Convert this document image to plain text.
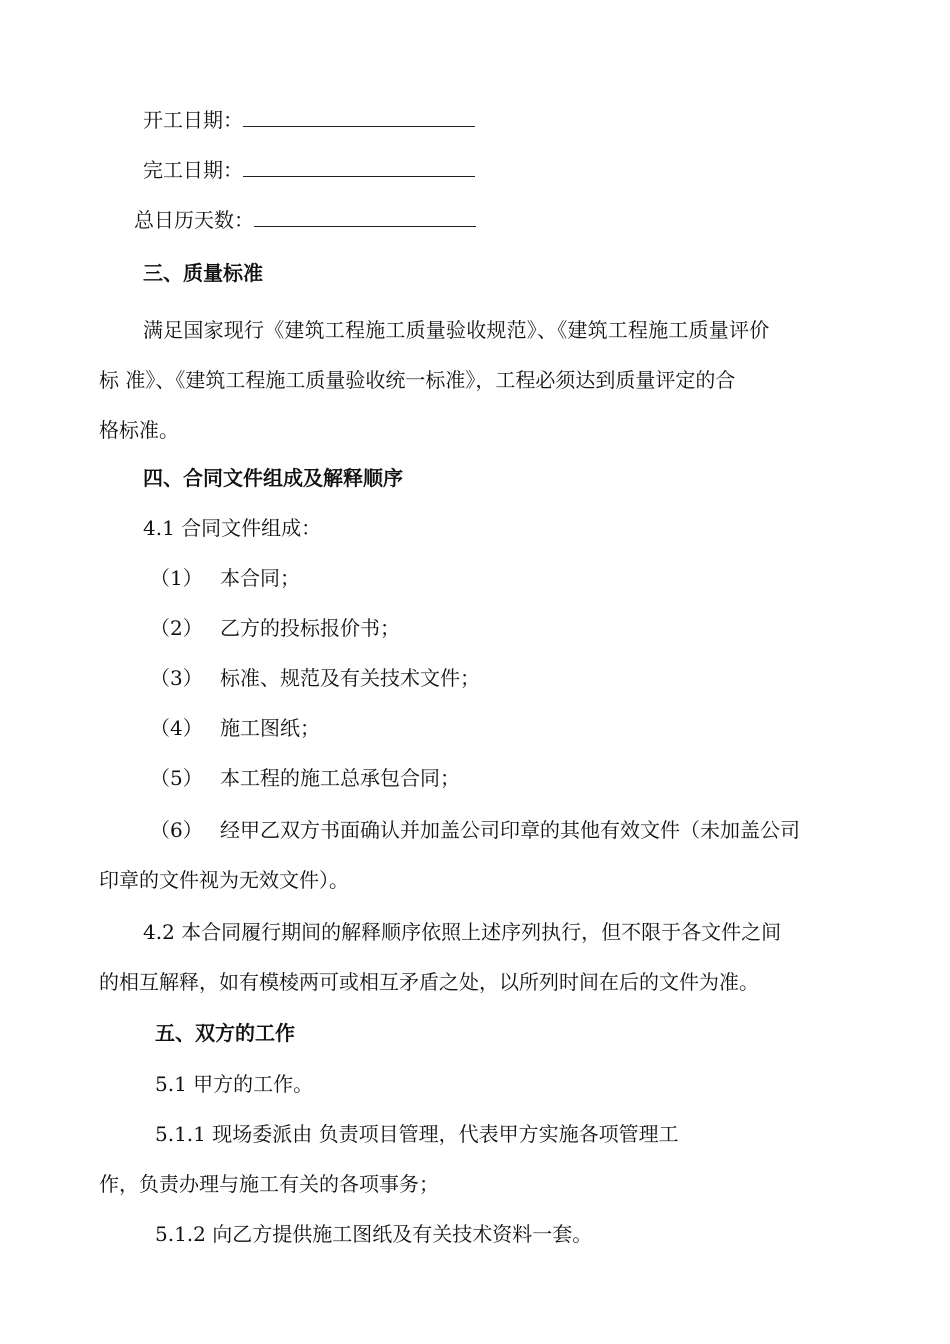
开工日期：
完工日期：
总日历天数：
三、质量标准
满足国家现行《建筑工程施工质量验收规范》、《建筑工程施工质量评价
标 准》、《建筑工程施工质量验收统一标准》，工程必须达到质量评定的合
格标准。
四、合同文件组成及解释顺序
4.1 合同文件组成：
（1） 本合同；
（2） 乙方的投标报价书；
（3） 标准、规范及有关技术文件；
（4） 施工图纸；
（5） 本工程的施工总承包合同；
（6） 经甲乙双方书面确认并加盖公司印章的其他有效文件（未加盖公司
印章的文件视为无效文件）。
4.2 本合同履行期间的解释顺序依照上述序列执行，但不限于各文件之间
的相互解释，如有模棱两可或相互矛盾之处，以所列时间在后的文件为准。
五、双方的工作
5.1 甲方的工作。
5.1.1 现场委派由 负责项目管理，代表甲方实施各项管理工
作，负责办理与施工有关的各项事务；
5.1.2 向乙方提供施工图纸及有关技术资料一套。
